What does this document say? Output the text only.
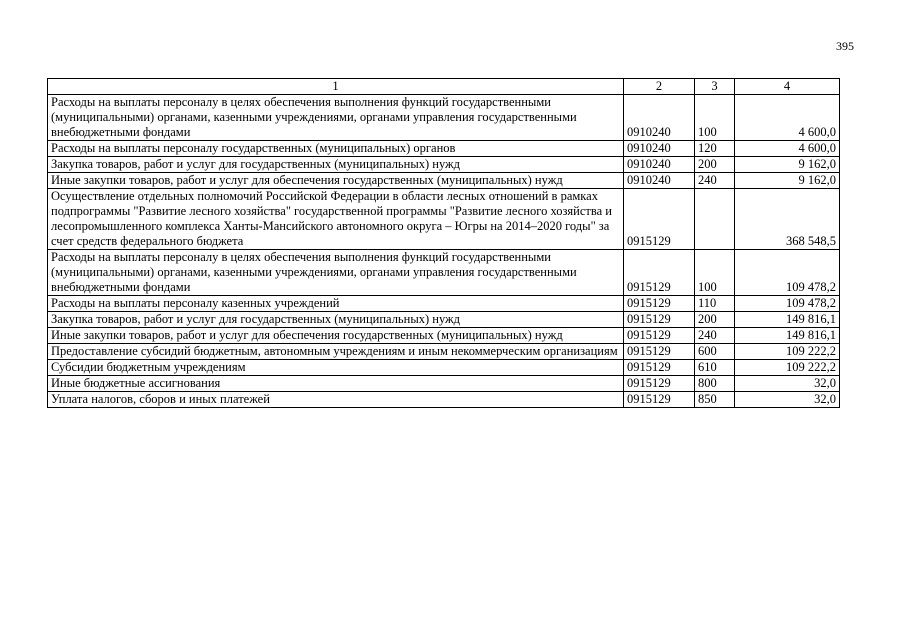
395
1	2	3	4
Расходы на выплаты персоналу в целях обеспечения выполнения функций государственными (муниципальными) органами, казенными учреждениями, органами управления государственными внебюджетными фондами	0910240	100	4 600,0
Расходы на выплаты персоналу государственных (муниципальных) органов	0910240	120	4 600,0
Закупка товаров, работ и услуг для государственных (муниципальных) нужд	0910240	200	9 162,0
Иные закупки товаров, работ и услуг для обеспечения государственных (муниципальных) нужд	0910240	240	9 162,0
Осуществление отдельных полномочий Российской Федерации в области лесных отношений в рамках подпрограммы "Развитие лесного хозяйства" государственной программы "Развитие лесного хозяйства и лесопромышленного комплекса Ханты-Мансийского автономного округа – Югры на 2014–2020 годы" за счет средств федерального бюджета	0915129		368 548,5
Расходы на выплаты персоналу в целях обеспечения выполнения функций государственными (муниципальными) органами, казенными учреждениями, органами управления государственными внебюджетными фондами	0915129	100	109 478,2
Расходы на выплаты персоналу казенных учреждений	0915129	110	109 478,2
Закупка товаров, работ и услуг для государственных (муниципальных) нужд	0915129	200	149 816,1
Иные закупки товаров, работ и услуг для обеспечения государственных (муниципальных) нужд	0915129	240	149 816,1
Предоставление субсидий бюджетным, автономным учреждениям и иным некоммерческим организациям	0915129	600	109 222,2
Субсидии бюджетным учреждениям	0915129	610	109 222,2
Иные бюджетные ассигнования	0915129	800	32,0
Уплата налогов, сборов и иных платежей	0915129	850	32,0
